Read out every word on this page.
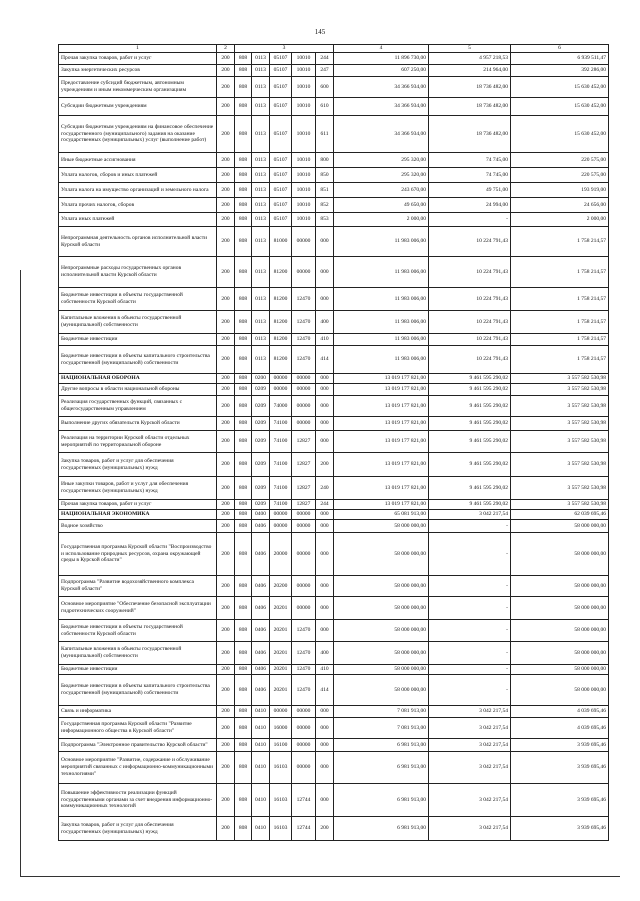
145
1	2	3					4	5	6
Прочая закупка товаров, работ и услуг	200	808	0113	05107	10010	244	11 896 730,00	4 957 218,53	6 939 511,47
Закупка энергетических ресурсов	200	808	0113	05107	10010	247	607 250,00	214 964,00	392 286,00
Предоставление субсидий бюджетным, автономным учреждениям и иным некоммерческим организациям	200	808	0113	05107	10010	600	34 366 934,00	18 736 482,00	15 630 452,00
Субсидии бюджетным учреждениям	200	808	0113	05107	10010	610	34 366 934,00	18 736 482,00	15 630 452,00
Субсидии бюджетным учреждениям на финансовое обеспечение государственного (муниципального) задания на оказание государственных (муниципальных) услуг (выполнение работ)	200	808	0113	05107	10010	611	34 366 934,00	18 736 482,00	15 630 452,00
Иные бюджетные ассигнования	200	808	0113	05107	10010	800	295 320,00	74 745,00	220 575,00
Уплата налогов, сборов и иных платежей	200	808	0113	05107	10010	850	295 320,00	74 745,00	220 575,00
Уплата налога на имущество организаций и земельного налога	200	808	0113	05107	10010	851	243 670,00	49 751,00	193 919,00
Уплата прочих налогов, сборов	200	808	0113	05107	10010	852	49 650,00	24 994,00	24 656,00
Уплата иных платежей	200	808	0113	05107	10010	853	2 000,00	-	2 000,00
Непрограммная деятельность органов исполнительной власти Курской области	200	808	0113	81000	00000	000	11 983 006,00	10 224 791,43	1 758 214,57
Непрограммные расходы государственных органов исполнительной власти Курской области	200	808	0113	81200	00000	000	11 983 006,00	10 224 791,43	1 758 214,57
Бюджетные инвестиции в объекты государственной собственности Курской области	200	808	0113	81200	12470	000	11 983 006,00	10 224 791,43	1 758 214,57
Капитальные вложения в объекты государственной (муниципальной) собственности	200	808	0113	81200	12470	400	11 983 006,00	10 224 791,43	1 758 214,57
Бюджетные инвестиции	200	808	0113	81200	12470	410	11 983 006,00	10 224 791,43	1 758 214,57
Бюджетные инвестиции в объекты капитального строительства государственной (муниципальной) собственности	200	808	0113	81200	12470	414	11 983 006,00	10 224 791,43	1 758 214,57
НАЦИОНАЛЬНАЯ ОБОРОНА	200	808	0200	00000	00000	000	13 019 177 821,00	9 461 595 290,02	3 557 582 530,98
Другие вопросы в области национальной обороны	200	808	0209	00000	00000	000	13 019 177 821,00	9 461 595 290,02	3 557 582 530,98
Реализация государственных функций, связанных с общегосударственным управлением	200	808	0209	74000	00000	000	13 019 177 821,00	9 461 595 290,02	3 557 582 530,98
Выполнение других обязательств Курской области	200	808	0209	74100	00000	000	13 019 177 821,00	9 461 595 290,02	3 557 582 530,98
Реализация на территории Курской области отдельных мероприятий по территориальной обороне	200	808	0209	74100	12827	000	13 019 177 821,00	9 461 595 290,02	3 557 582 530,98
Закупка товаров, работ и услуг для обеспечения государственных (муниципальных) нужд	200	808	0209	74100	12827	200	13 019 177 821,00	9 461 595 290,02	3 557 582 530,98
Иные закупки товаров, работ и услуг для обеспечения государственных (муниципальных) нужд	200	808	0209	74100	12827	240	13 019 177 821,00	9 461 595 290,02	3 557 582 530,98
Прочая закупка товаров, работ и услуг	200	808	0209	74100	12827	244	13 019 177 821,00	9 461 595 290,02	3 557 582 530,98
НАЦИОНАЛЬНАЯ ЭКОНОМИКА	200	808	0400	00000	00000	000	65 081 913,00	3 042 217,54	62 039 695,46
Водное хозяйство	200	808	0406	00000	00000	000	58 000 000,00	-	58 000 000,00
Государственная программа Курской области "Воспроизводство и использование природных ресурсов, охрана окружающей среды в Курской области"	200	808	0406	20000	00000	000	58 000 000,00	-	58 000 000,00
Подпрограмма "Развитие водохозяйственного комплекса Курской области"	200	808	0406	20200	00000	000	58 000 000,00	-	58 000 000,00
Основное мероприятие "Обеспечение безопасной эксплуатации гидротехнических сооружений"	200	808	0406	20201	00000	000	58 000 000,00	-	58 000 000,00
Бюджетные инвестиции в объекты государственной собственности Курской области	200	808	0406	20201	12470	000	58 000 000,00	-	58 000 000,00
Капитальные вложения в объекты государственной (муниципальной) собственности	200	808	0406	20201	12470	400	58 000 000,00	-	58 000 000,00
Бюджетные инвестиции	200	808	0406	20201	12470	410	58 000 000,00	-	58 000 000,00
Бюджетные инвестиции в объекты капитального строительства государственной (муниципальной) собственности	200	808	0406	20201	12470	414	58 000 000,00	-	58 000 000,00
Связь и информатика	200	808	0410	00000	00000	000	7 081 913,00	3 042 217,54	4 039 695,46
Государственная программа Курской области "Развитие информационного общества в Курской области"	200	808	0410	16000	00000	000	7 081 913,00	3 042 217,54	4 039 695,46
Подпрограмма "Электронное правительство Курской области"	200	808	0410	16100	00000	000	6 981 913,00	3 042 217,54	3 939 695,46
Основное мероприятие "Развитие, содержание и обслуживание мероприятий связанных с информационно-коммуникационными технологиями"	200	808	0410	16103	00000	000	6 981 913,00	3 042 217,54	3 939 695,46
Повышение эффективности реализации функций государственными органами за счет внедрения информационно-коммуникационных технологий	200	808	0410	16103	12744	000	6 981 913,00	3 042 217,54	3 939 695,46
Закупка товаров, работ и услуг для обеспечения государственных (муниципальных) нужд	200	808	0410	16103	12744	200	6 981 913,00	3 042 217,54	3 939 695,46
